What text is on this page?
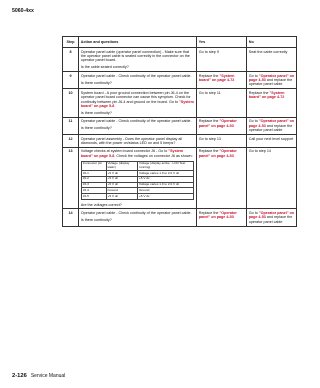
5060-4xx
Step	Action and questions	Yes	No
8	Operator panel cable (operator panel connection) - Make sure that the operator panel cable is seated correctly in the connector on the operator panel board.
Is the cable seated correctly?
	Go to step 9	Seat the cable correctly
9	Operator panel cable - Check continuity of the operator panel cable.
Is there continuity?
	Replace the "System board" on page 4-72	Go to "Operator panel" on page 4-53 and replace the operator panel cable
10	System board - A poor ground connection between pin J6-4 on the operator panel board connector can cause this symptom. Check for continuity between pin J6-4 and ground on the board. Go to "System board" on page 5-8
Is there continuity?
	Go to step 11	Replace the "System board" on page 4-72
11	Operator panel cable - Check continuity of the operator panel cable.
Is there continuity?
	Replace the "Operator panel" on page 4-53	Go to "Operator panel" on page 4-53 and replace the operator panel cable
12	Operator panel assembly - Does the operator panel display all diamonds, with the power on/status LED on and 5 beeps?	Go to step 13	Call your next level support
13	Voltage checks at system board connector J6 - Go to "System board" on page 5-8. Check the voltages on connector J6 as shown:
Connector pin	Voltage (display static)	Voltage (display active - LCD Test running)
J6-1	+5 V dc	Voltage varies 1.0 to 2.0 V dc
J6-2	+5 V dc	+5 V dc
J6-3	+5 V dc	Voltage varies 1.0 to 2.0 V dc
J6-4	Ground	Ground
J6-5	+5 V dc	+5 V dc
Are the voltages correct?
	Replace the "Operator panel" on page 4-53	Go to step 14
14	Operator panel cable - Check continuity of the operator panel cable.
Is there continuity?
	Replace the "Operator panel" on page 4-53	Go to "Operator panel" on page 4-53 and replace the operator panel cable
2-126 Service Manual
